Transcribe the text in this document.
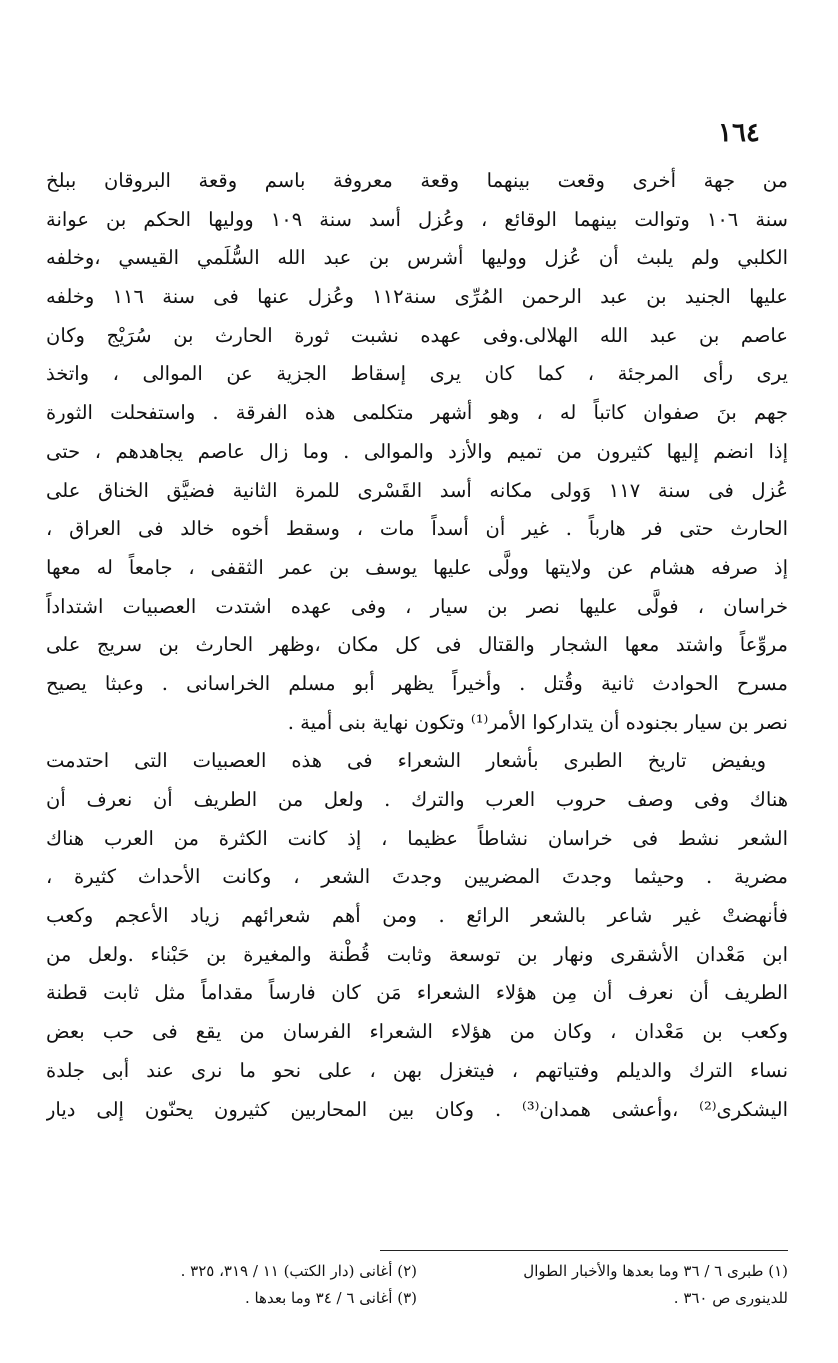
١٦٤
من جهة أخرى وقعت بينهما وقعة معروفة باسم وقعة البروقان ببلخ
سنة ١٠٦ وتوالت بينهما الوقائع ، وعُزل أسد سنة ١٠٩ ووليها الحكم بن عوانة
الكلبي ولم يلبث أن عُزل ووليها أشرس بن عبد الله السُّلَمي القيسي ،وخلفه
عليها الجنيد بن عبد الرحمن المُرِّى سنة١١٢ وعُزل عنها فى سنة ١١٦ وخلفه
عاصم بن عبد الله الهلالى.وفى عهده نشبت ثورة الحارث بن سُرَيْج وكان
يرى رأى المرجئة ، كما كان يرى إسقاط الجزية عن الموالى ، واتخذ
جهم بنَ صفوان كاتباً له ، وهو أشهر متكلمى هذه الفرقة . واستفحلت الثورة
إذا انضم إليها كثيرون من تميم والأزد والموالى . وما زال عاصم يجاهدهم ، حتى
عُزل فى سنة ١١٧ وَولى مكانه أسد القَسْرى للمرة الثانية فضيَّق الخناق على
الحارث حتى فر هارباً . غير أن أسداً مات ، وسقط أخوه خالد فى العراق ،
إذ صرفه هشام عن ولايتها وولَّى عليها يوسف بن عمر الثقفى ، جامعاً له معها
خراسان ، فولَّى عليها نصر بن سيار ، وفى عهده اشتدت العصبيات اشتداداً
مروِّعاً واشتد معها الشجار والقتال فى كل مكان ،وظهر الحارث بن سريج على
مسرح الحوادث ثانية وقُتل . وأخيراً يظهر أبو مسلم الخراسانى . وعبثا يصيح
نصر بن سيار بجنوده أن يتداركوا الأمر⁽¹⁾ وتكون نهاية بنى أمية .
ويفيض تاريخ الطبرى بأشعار الشعراء فى هذه العصبيات التى احتدمت
هناك وفى وصف حروب العرب والترك . ولعل من الطريف أن نعرف أن
الشعر نشط فى خراسان نشاطاً عظيما ، إذ كانت الكثرة من العرب هناك
مضرية . وحيثما وجدتَ المضريين وجدتَ الشعر ، وكانت الأحداث كثيرة ،
فأنهضتْ غير شاعر بالشعر الرائع . ومن أهم شعرائهم زياد الأعجم وكعب
ابن مَعْدان الأشقرى ونهار بن توسعة وثابت قُطْنة والمغيرة بن حَبْناء .ولعل من
الطريف أن نعرف أن مِن هؤلاء الشعراء مَن كان فارساً مقداماً مثل ثابت قطنة
وكعب بن مَعْدان ، وكان من هؤلاء الشعراء الفرسان من يقع فى حب بعض
نساء الترك والديلم وفتياتهم ، فيتغزل بهن ، على نحو ما نرى عند أبى جلدة
اليشكرى⁽²⁾ ،وأعشى همدان⁽³⁾ . وكان بين المحاربين كثيرون يحنّون إلى ديار
(١) طبرى ٦ / ٣٦ وما بعدها والأخبار الطوال
(٢) أغانى (دار الكتب) ١١ / ٣١٩، ٣٢٥ .
للدينورى ص ٣٦٠ .
(٣) أغانى ٦ / ٣٤ وما بعدها .
